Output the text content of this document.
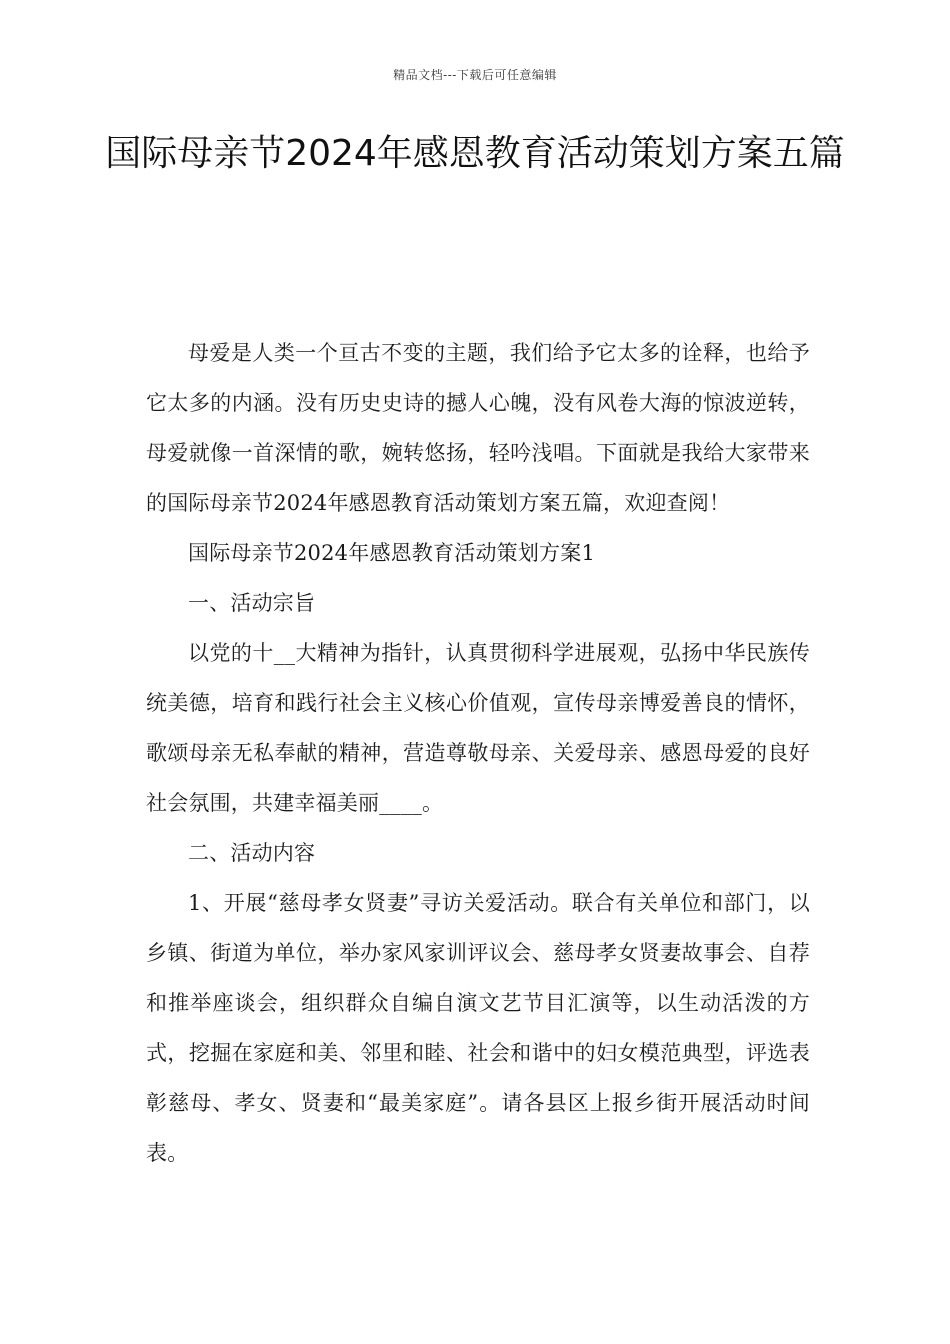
精品文档---下载后可任意编辑
国际母亲节2024年感恩教育活动策划方案五篇

母爱是人类一个亘古不变的主题，我们给予它太多的诠释，也给予它太多的内涵。没有历史史诗的撼人心魄，没有风卷大海的惊波逆转，母爱就像一首深情的歌，婉转悠扬，轻吟浅唱。下面就是我给大家带来的国际母亲节2024年感恩教育活动策划方案五篇，欢迎查阅！

国际母亲节2024年感恩教育活动策划方案1

一、活动宗旨

以党的十__大精神为指针，认真贯彻科学进展观，弘扬中华民族传统美德，培育和践行社会主义核心价值观，宣传母亲博爱善良的情怀，歌颂母亲无私奉献的精神，营造尊敬母亲、关爱母亲、感恩母爱的良好社会氛围，共建幸福美丽____。

二、活动内容

1、开展“慈母孝女贤妻”寻访关爱活动。联合有关单位和部门，以乡镇、街道为单位，举办家风家训评议会、慈母孝女贤妻故事会、自荐和推举座谈会，组织群众自编自演文艺节目汇演等，以生动活泼的方式，挖掘在家庭和美、邻里和睦、社会和谐中的妇女模范典型，评选表彰慈母、孝女、贤妻和“最美家庭”。请各县区上报乡街开展活动时间表。
